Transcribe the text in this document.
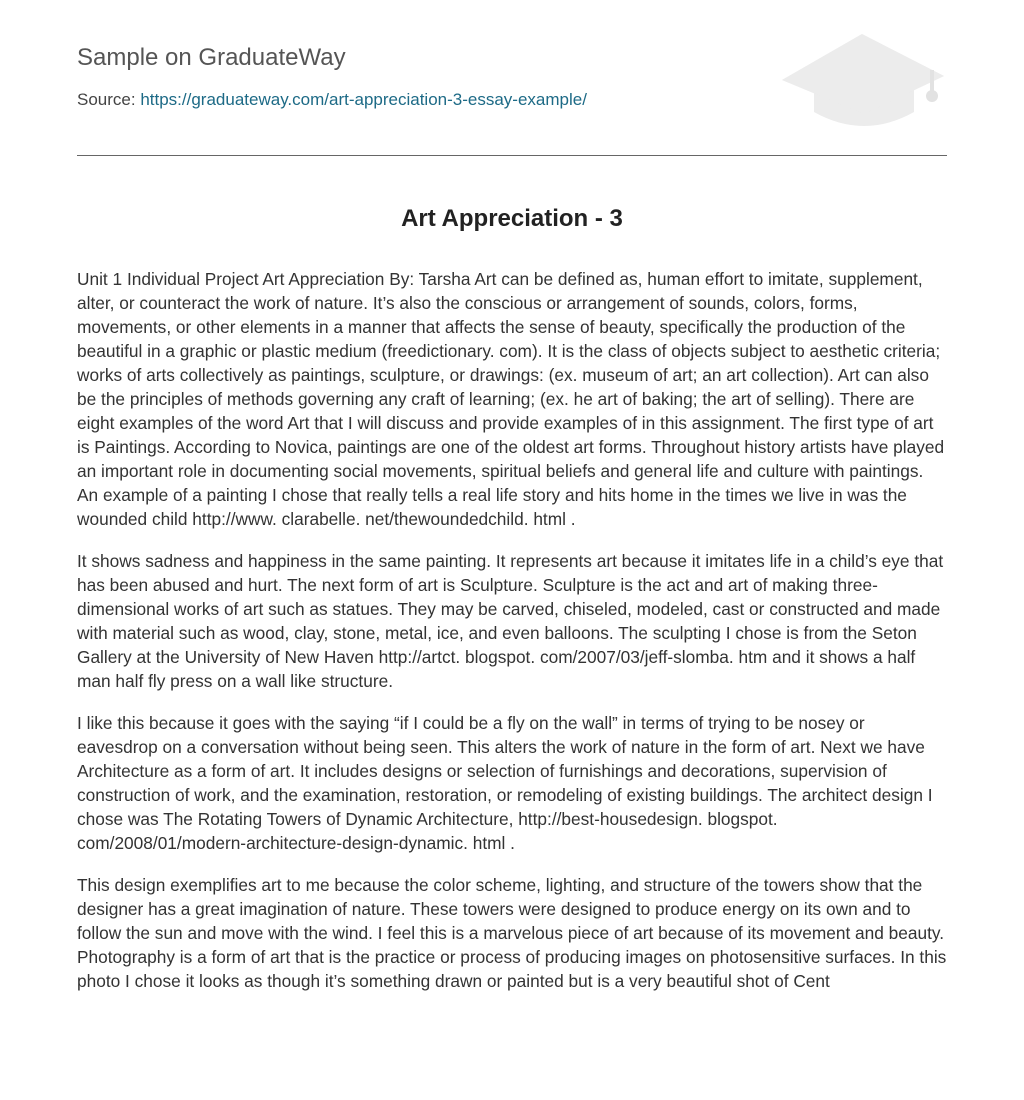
Sample on GraduateWay
Source: https://graduateway.com/art-appreciation-3-essay-example/
Art Appreciation - 3

Unit 1 Individual Project Art Appreciation By: Tarsha Art can be defined as, human effort to imitate, supplement, alter, or counteract the work of nature. It’s also the conscious or arrangement of sounds, colors, forms, movements, or other elements in a manner that affects the sense of beauty, specifically the production of the beautiful in a graphic or plastic medium (freedictionary. com). It is the class of objects subject to aesthetic criteria; works of arts collectively as paintings, sculpture, or drawings: (ex. museum of art; an art collection). Art can also be the principles of methods governing any craft of learning; (ex. he art of baking; the art of selling). There are eight examples of the word Art that I will discuss and provide examples of in this assignment. The first type of art is Paintings. According to Novica, paintings are one of the oldest art forms. Throughout history artists have played an important role in documenting social movements, spiritual beliefs and general life and culture with paintings. An example of a painting I chose that really tells a real life story and hits home in the times we live in was the wounded child http://www. clarabelle. net/thewoundedchild. html .

It shows sadness and happiness in the same painting. It represents art because it imitates life in a child’s eye that has been abused and hurt. The next form of art is Sculpture. Sculpture is the act and art of making three-dimensional works of art such as statues. They may be carved, chiseled, modeled, cast or constructed and made with material such as wood, clay, stone, metal, ice, and even balloons. The sculpting I chose is from the Seton Gallery at the University of New Haven http://artct. blogspot. com/2007/03/jeff-slomba. htm and it shows a half man half fly press on a wall like structure.

I like this because it goes with the saying “if I could be a fly on the wall” in terms of trying to be nosey or eavesdrop on a conversation without being seen. This alters the work of nature in the form of art. Next we have Architecture as a form of art. It includes designs or selection of furnishings and decorations, supervision of construction of work, and the examination, restoration, or remodeling of existing buildings. The architect design I chose was The Rotating Towers of Dynamic Architecture, http://best-housedesign. blogspot. com/2008/01/modern-architecture-design-dynamic. html .

This design exemplifies art to me because the color scheme, lighting, and structure of the towers show that the designer has a great imagination of nature. These towers were designed to produce energy on its own and to follow the sun and move with the wind. I feel this is a marvelous piece of art because of its movement and beauty. Photography is a form of art that is the practice or process of producing images on photosensitive surfaces. In this photo I chose it looks as though it’s something drawn or painted but is a very beautiful shot of Cent
